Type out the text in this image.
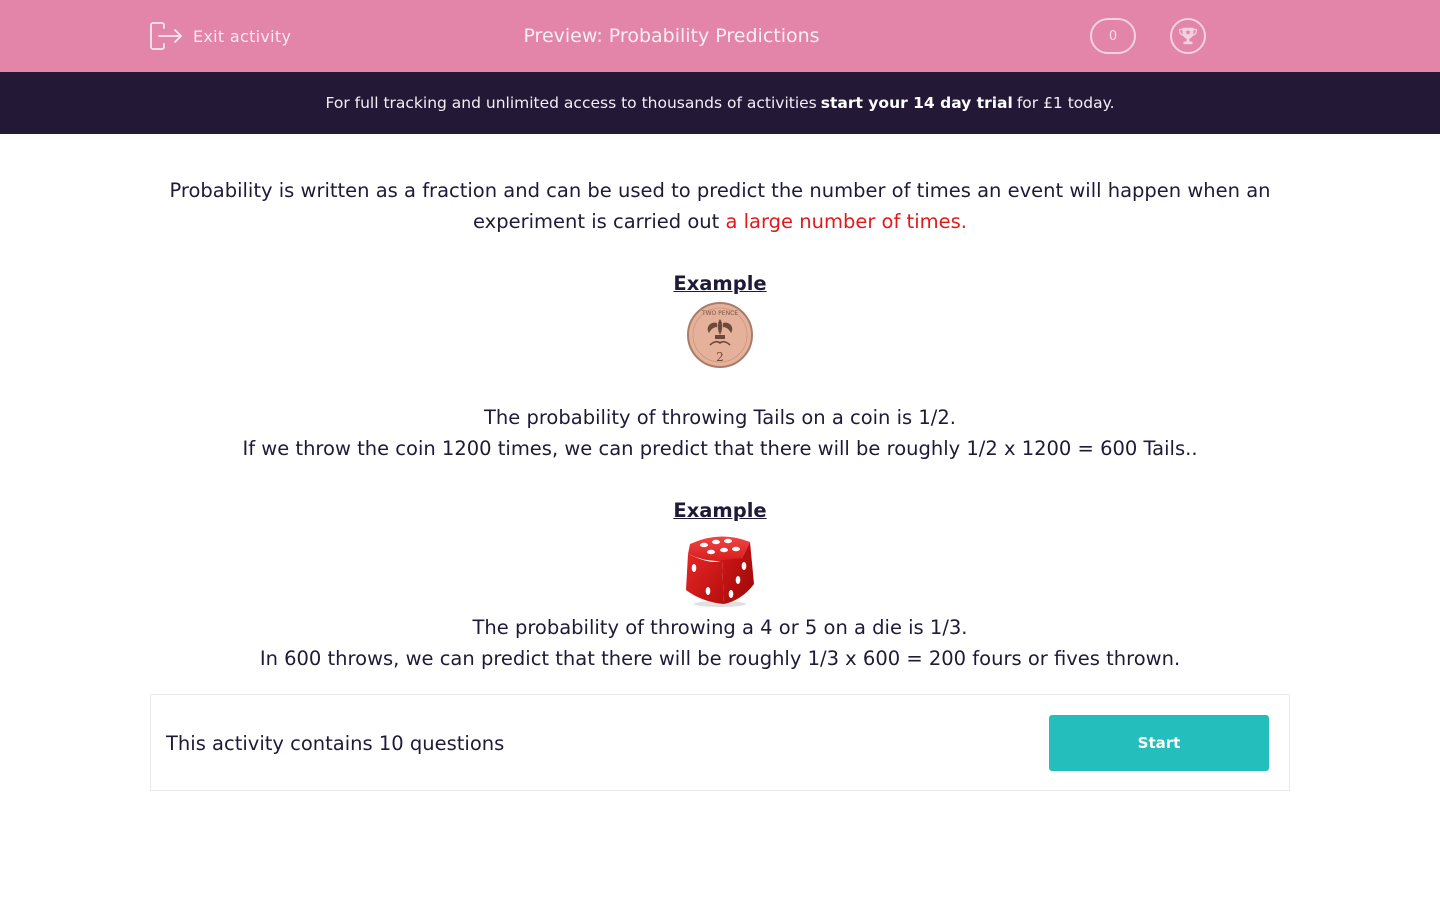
Exit activity	Preview: Probability Predictions	0
For full tracking and unlimited access to thousands of activities start your 14 day trial for £1 today.

Probability is written as a fraction and can be used to predict the number of times an event will happen when an experiment is carried out a large number of times.

Example
TWO PENCE
2

The probability of throwing Tails on a coin is 1/2.

If we throw the coin 1200 times, we can predict that there will be roughly 1/2 x 1200 = 600 Tails..

Example

The probability of throwing a 4 or 5 on a die is 1/3.

In 600 throws, we can predict that there will be roughly 1/3 x 600 = 200 fours or fives thrown.

This activity contains 10 questions	Start
